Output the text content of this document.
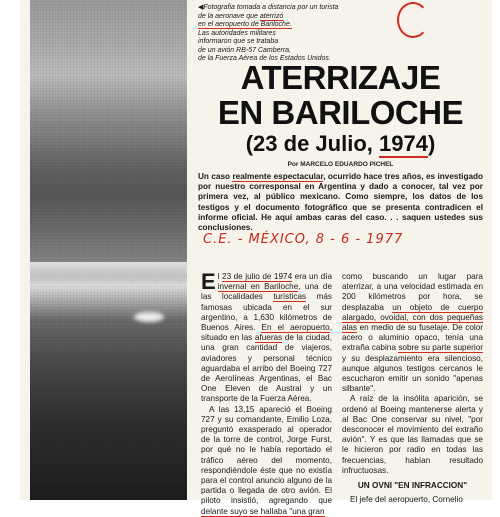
◀Fotografia tomada a distancia por un turista
de la aeronave que aterrizó
en el aeropuerto de Bariloche.
Las autoridades militares
informaron que se trataba
de un avión RB-57 Camberra,
de la Fuerza Aérea de los Estados Unidos.
ATERRIZAJE
EN BARILOCHE
(23 de Julio, 1974)
Por MARCELO EDUARDO PICHEL
Un caso realmente espectacular, ocurrido hace tres años, es investigado por nuestro corresponsal en Argentina y dado a conocer, tal vez por primera vez, al público mexicano. Como siempre, los datos de los testigos y el documento fotográfico que se presenta contradicen el informe oficial. He aquí ambas caras del caso. . . saquen ustedes sus conclusiones.
C.E. - MÉXICO, 8 - 6 - 1977

El 23 de julio de 1974 era un día invernal en Bariloche, una de las localidades turísticas más famosas ubicada en el sur argentino, a 1,630 kilómetros de Buenos Aires. En el aeropuerto, situado en las afueras de la ciudad, una gran cantidad de viajeros, aviadores y personal técnico aguardaba el arribo del Boeing 727 de Aerolíneas Argentinas, el Bac One Eleven de Austral y un transporte de la Fuerza Aérea.

A las 13,15 apareció el Boeing 727 y su comandante, Emilio Loza, preguntó exasperado al operador de la torre de control, Jorge Furst, por qué no le había reportado el tráfico aéreo del momento, respondiéndole éste que no existía para el control anuncio alguno de la partida o llegada de otro avión. El piloto insistió, agregando que delante suyo se hallaba "una gran

como buscando un lugar para aterrizar, a una velocidad estimada en 200 kilómetros por hora, se desplazaba un objeto de cuerpo alargado, ovoidal, con dos pequeñas alas en medio de su fuselaje. De color acero o aluminio opaco, tenía una extraña cabina sobre su parte superior y su desplazamiento era silencioso, aunque algunos testigos cercanos le escucharon emitir un sonido "apenas silbante".

A raíz de la insólita aparición, se ordenó al Boeing mantenerse alerta y al Bac One conservar su nivel, "por desconocer el movimiento del extraño avión". Y es que las llamadas que se le hicieron por radio en todas las frecuencias, habían resultado infructuosas.

UN OVNI "EN INFRACCION"

El jefe del aeropuerto, Cornelio
